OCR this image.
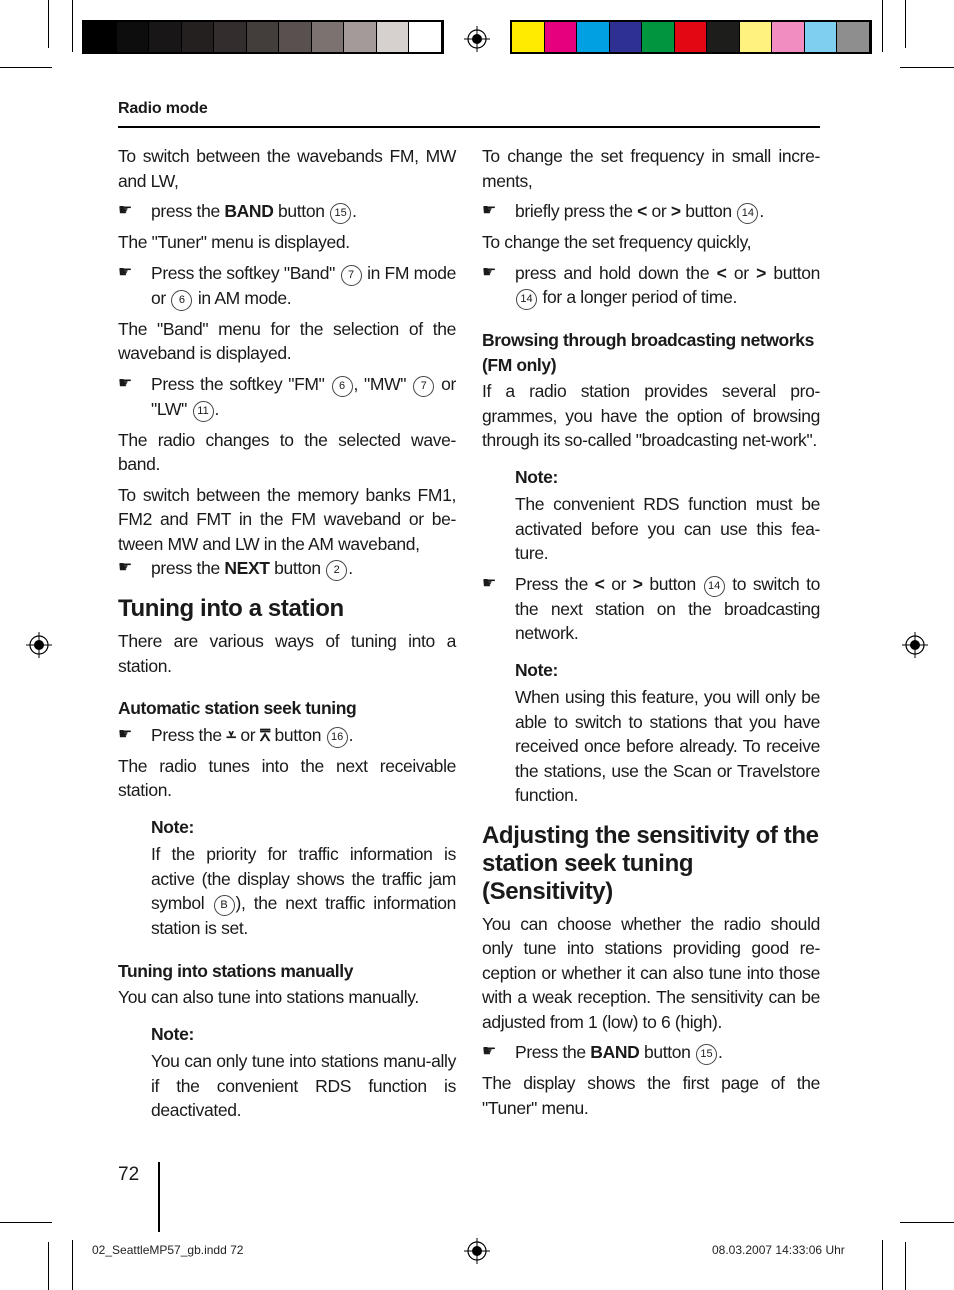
Radio mode

To switch between the wavebands FM, MW and LW,

☛ press the BAND button 15 .

The "Tuner" menu is displayed.

☛ Press the softkey "Band" 7 in FM mode or 6 in AM mode.

The "Band" menu for the selection of the waveband is displayed.

☛ Press the softkey "FM" 6 , "MW" 7 or "LW" 11 .

The radio changes to the selected wave-band.

To switch between the memory banks FM1, FM2 and FMT in the FM waveband or be-tween MW and LW in the AM waveband,

☛ press the NEXT button 2 .
Tuning into a station

There are various ways of tuning into a station.

Automatic station seek tuning
☛ Press the ⩡ or ⩞ button 16 .

The radio tunes into the next receivable station.

Note:

If the priority for traffic information is active (the display shows the traffic jam symbol B ), the next traffic information station is set.

Tuning into stations manually

You can also tune into stations manually.

Note:

You can only tune into stations manu-ally if the convenient RDS function is deactivated.

To change the set frequency in small incre-ments,

☛ briefly press the < or > button 14 .

To change the set frequency quickly,

☛ press and hold down the < or > button 14 for a longer period of time.
Browsing through broadcasting networks (FM only)

If a radio station provides several pro-grammes, you have the option of browsing through its so-called "broadcasting net-work".

Note:

The convenient RDS function must be activated before you can use this fea-ture.

☛ Press the < or > button 14 to switch to the next station on the broadcasting network.
Note:

When using this feature, you will only be able to switch to stations that you have received once before already. To receive the stations, use the Scan or Travelstore function.

Adjusting the sensitivity of the station seek tuning (Sensitivity)

You can choose whether the radio should only tune into stations providing good re-ception or whether it can also tune into those with a weak reception. The sensitivity can be adjusted from 1 (low) to 6 (high).

☛ Press the BAND button 15 .

The display shows the first page of the "Tuner" menu.

72
02_SeattleMP57_gb.indd 72	08.03.2007 14:33:06 Uhr
